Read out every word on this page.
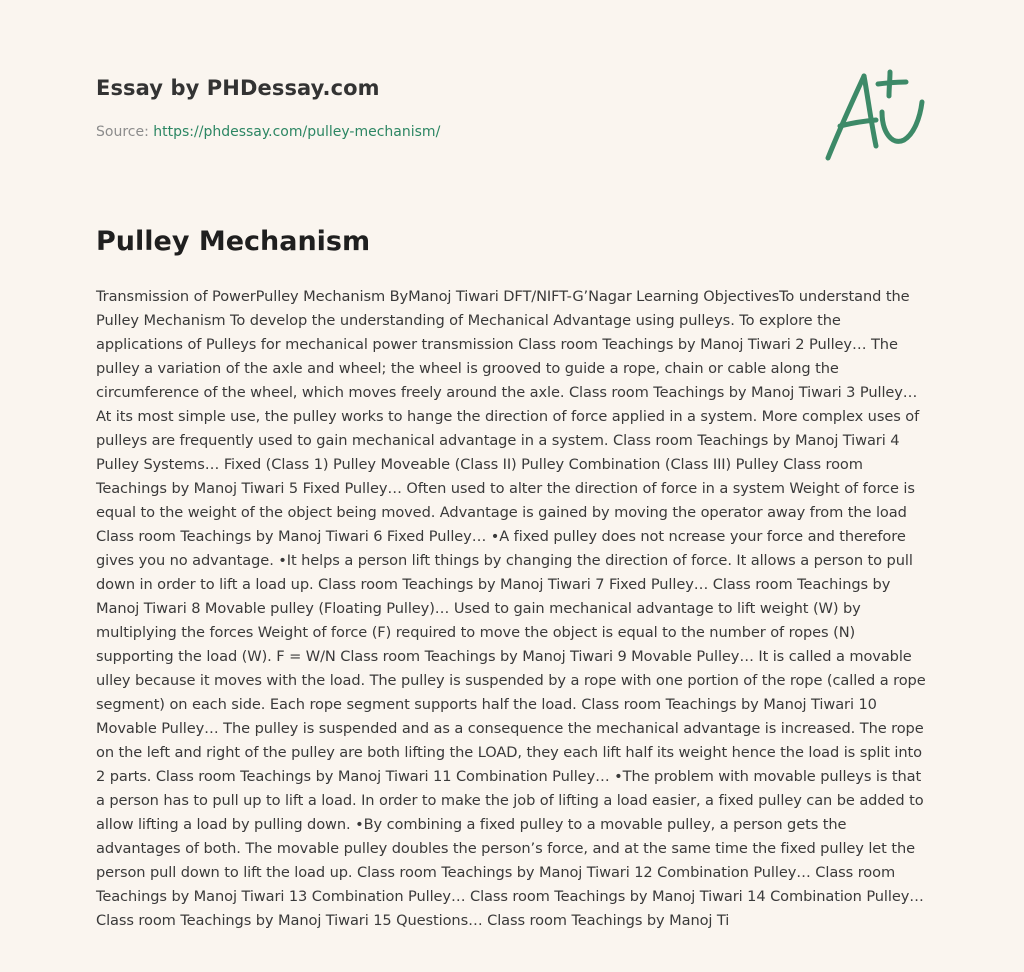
Essay by PHDessay.com
Source: https://phdessay.com/pulley-mechanism/
Pulley Mechanism

Transmission of PowerPulley Mechanism ByManoj Tiwari DFT/NIFT-G’Nagar Learning ObjectivesTo understand the Pulley Mechanism To develop the understanding of Mechanical Advantage using pulleys. To explore the applications of Pulleys for mechanical power transmission Class room Teachings by Manoj Tiwari 2 Pulley… The pulley a variation of the axle and wheel; the wheel is grooved to guide a rope, chain or cable along the circumference of the wheel, which moves freely around the axle. Class room Teachings by Manoj Tiwari 3 Pulley… At its most simple use, the pulley works to hange the direction of force applied in a system. More complex uses of pulleys are frequently used to gain mechanical advantage in a system. Class room Teachings by Manoj Tiwari 4 Pulley Systems… Fixed (Class 1) Pulley Moveable (Class II) Pulley Combination (Class III) Pulley Class room Teachings by Manoj Tiwari 5 Fixed Pulley… Often used to alter the direction of force in a system Weight of force is equal to the weight of the object being moved. Advantage is gained by moving the operator away from the load Class room Teachings by Manoj Tiwari 6 Fixed Pulley… •A fixed pulley does not ncrease your force and therefore gives you no advantage. •It helps a person lift things by changing the direction of force. It allows a person to pull down in order to lift a load up. Class room Teachings by Manoj Tiwari 7 Fixed Pulley… Class room Teachings by Manoj Tiwari 8 Movable pulley (Floating Pulley)… Used to gain mechanical advantage to lift weight (W) by multiplying the forces Weight of force (F) required to move the object is equal to the number of ropes (N) supporting the load (W). F = W/N Class room Teachings by Manoj Tiwari 9 Movable Pulley… It is called a movable ulley because it moves with the load. The pulley is suspended by a rope with one portion of the rope (called a rope segment) on each side. Each rope segment supports half the load. Class room Teachings by Manoj Tiwari 10 Movable Pulley… The pulley is suspended and as a consequence the mechanical advantage is increased. The rope on the left and right of the pulley are both lifting the LOAD, they each lift half its weight hence the load is split into 2 parts. Class room Teachings by Manoj Tiwari 11 Combination Pulley… •The problem with movable pulleys is that a person has to pull up to lift a load. In order to make the job of lifting a load easier, a fixed pulley can be added to allow lifting a load by pulling down. •By combining a fixed pulley to a movable pulley, a person gets the advantages of both. The movable pulley doubles the person’s force, and at the same time the fixed pulley let the person pull down to lift the load up. Class room Teachings by Manoj Tiwari 12 Combination Pulley… Class room Teachings by Manoj Tiwari 13 Combination Pulley… Class room Teachings by Manoj Tiwari 14 Combination Pulley… Class room Teachings by Manoj Tiwari 15 Questions… Class room Teachings by Manoj Ti
